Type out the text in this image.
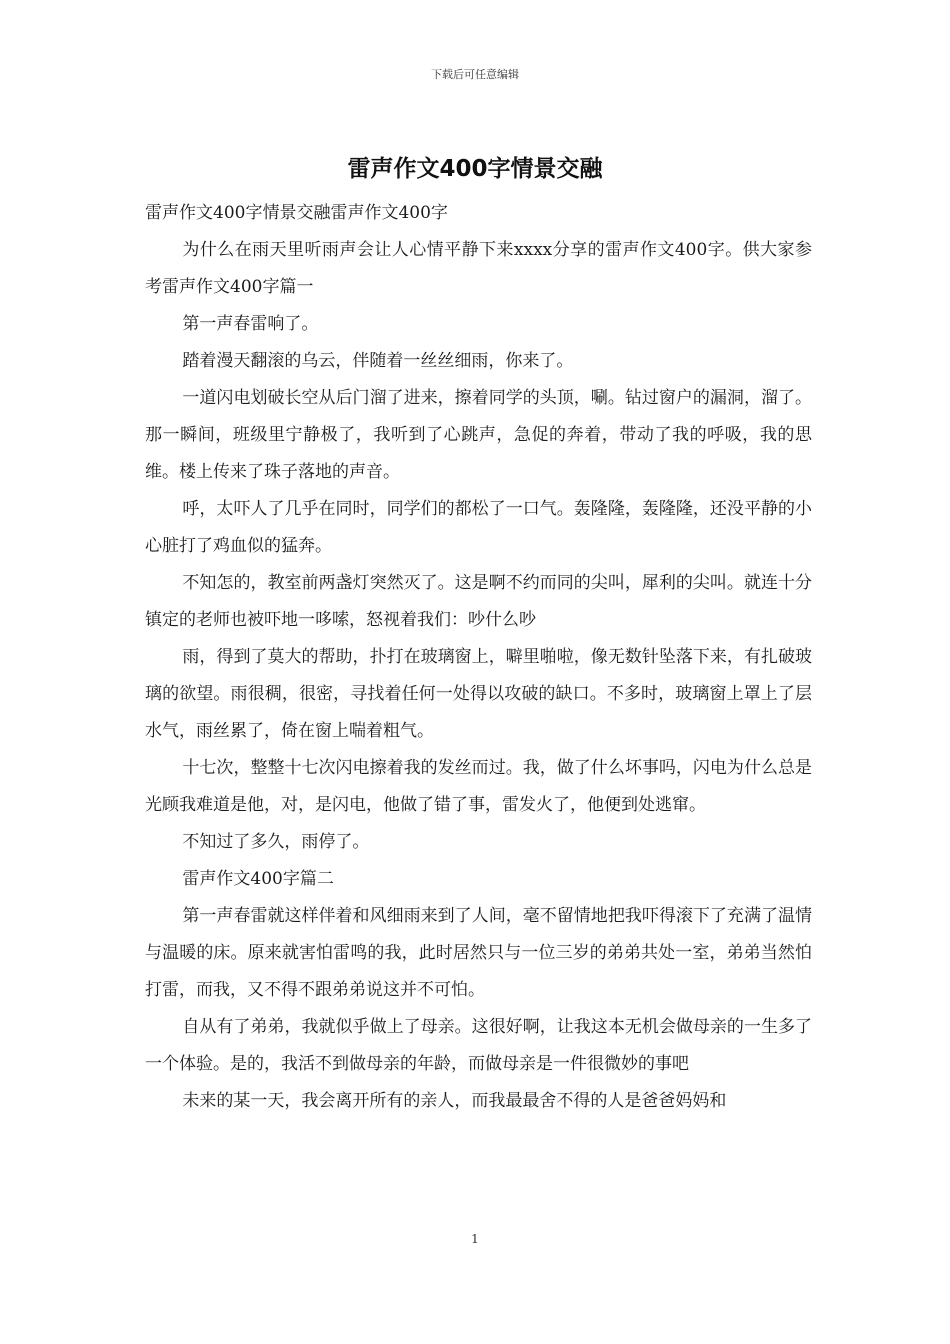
下载后可任意编辑
雷声作文400字情景交融

雷声作文400字情景交融雷声作文400字

为什么在雨天里听雨声会让人心情平静下来xxxx分享的雷声作文400字。供大家参考雷声作文400字篇一

第一声春雷响了。

踏着漫天翻滚的乌云，伴随着一丝丝细雨，你来了。

一道闪电划破长空从后门溜了进来，擦着同学的头顶，唰。钻过窗户的漏洞，溜了。那一瞬间，班级里宁静极了，我听到了心跳声，急促的奔着，带动了我的呼吸，我的思维。楼上传来了珠子落地的声音。

呼，太吓人了几乎在同时，同学们的都松了一口气。轰隆隆，轰隆隆，还没平静的小心脏打了鸡血似的猛奔。

不知怎的，教室前两盏灯突然灭了。这是啊不约而同的尖叫，犀利的尖叫。就连十分镇定的老师也被吓地一哆嗦，怒视着我们：吵什么吵

雨，得到了莫大的帮助，扑打在玻璃窗上，噼里啪啦，像无数针坠落下来，有扎破玻璃的欲望。雨很稠，很密，寻找着任何一处得以攻破的缺口。不多时，玻璃窗上罩上了层水气，雨丝累了，倚在窗上喘着粗气。

十七次，整整十七次闪电擦着我的发丝而过。我，做了什么坏事吗，闪电为什么总是光顾我难道是他，对，是闪电，他做了错了事，雷发火了，他便到处逃窜。

不知过了多久，雨停了。

雷声作文400字篇二

第一声春雷就这样伴着和风细雨来到了人间，毫不留情地把我吓得滚下了充满了温情与温暖的床。原来就害怕雷鸣的我，此时居然只与一位三岁的弟弟共处一室，弟弟当然怕打雷，而我，又不得不跟弟弟说这并不可怕。

自从有了弟弟，我就似乎做上了母亲。这很好啊，让我这本无机会做母亲的一生多了一个体验。是的，我活不到做母亲的年龄，而做母亲是一件很微妙的事吧

未来的某一天，我会离开所有的亲人，而我最最舍不得的人是爸爸妈妈和

1
